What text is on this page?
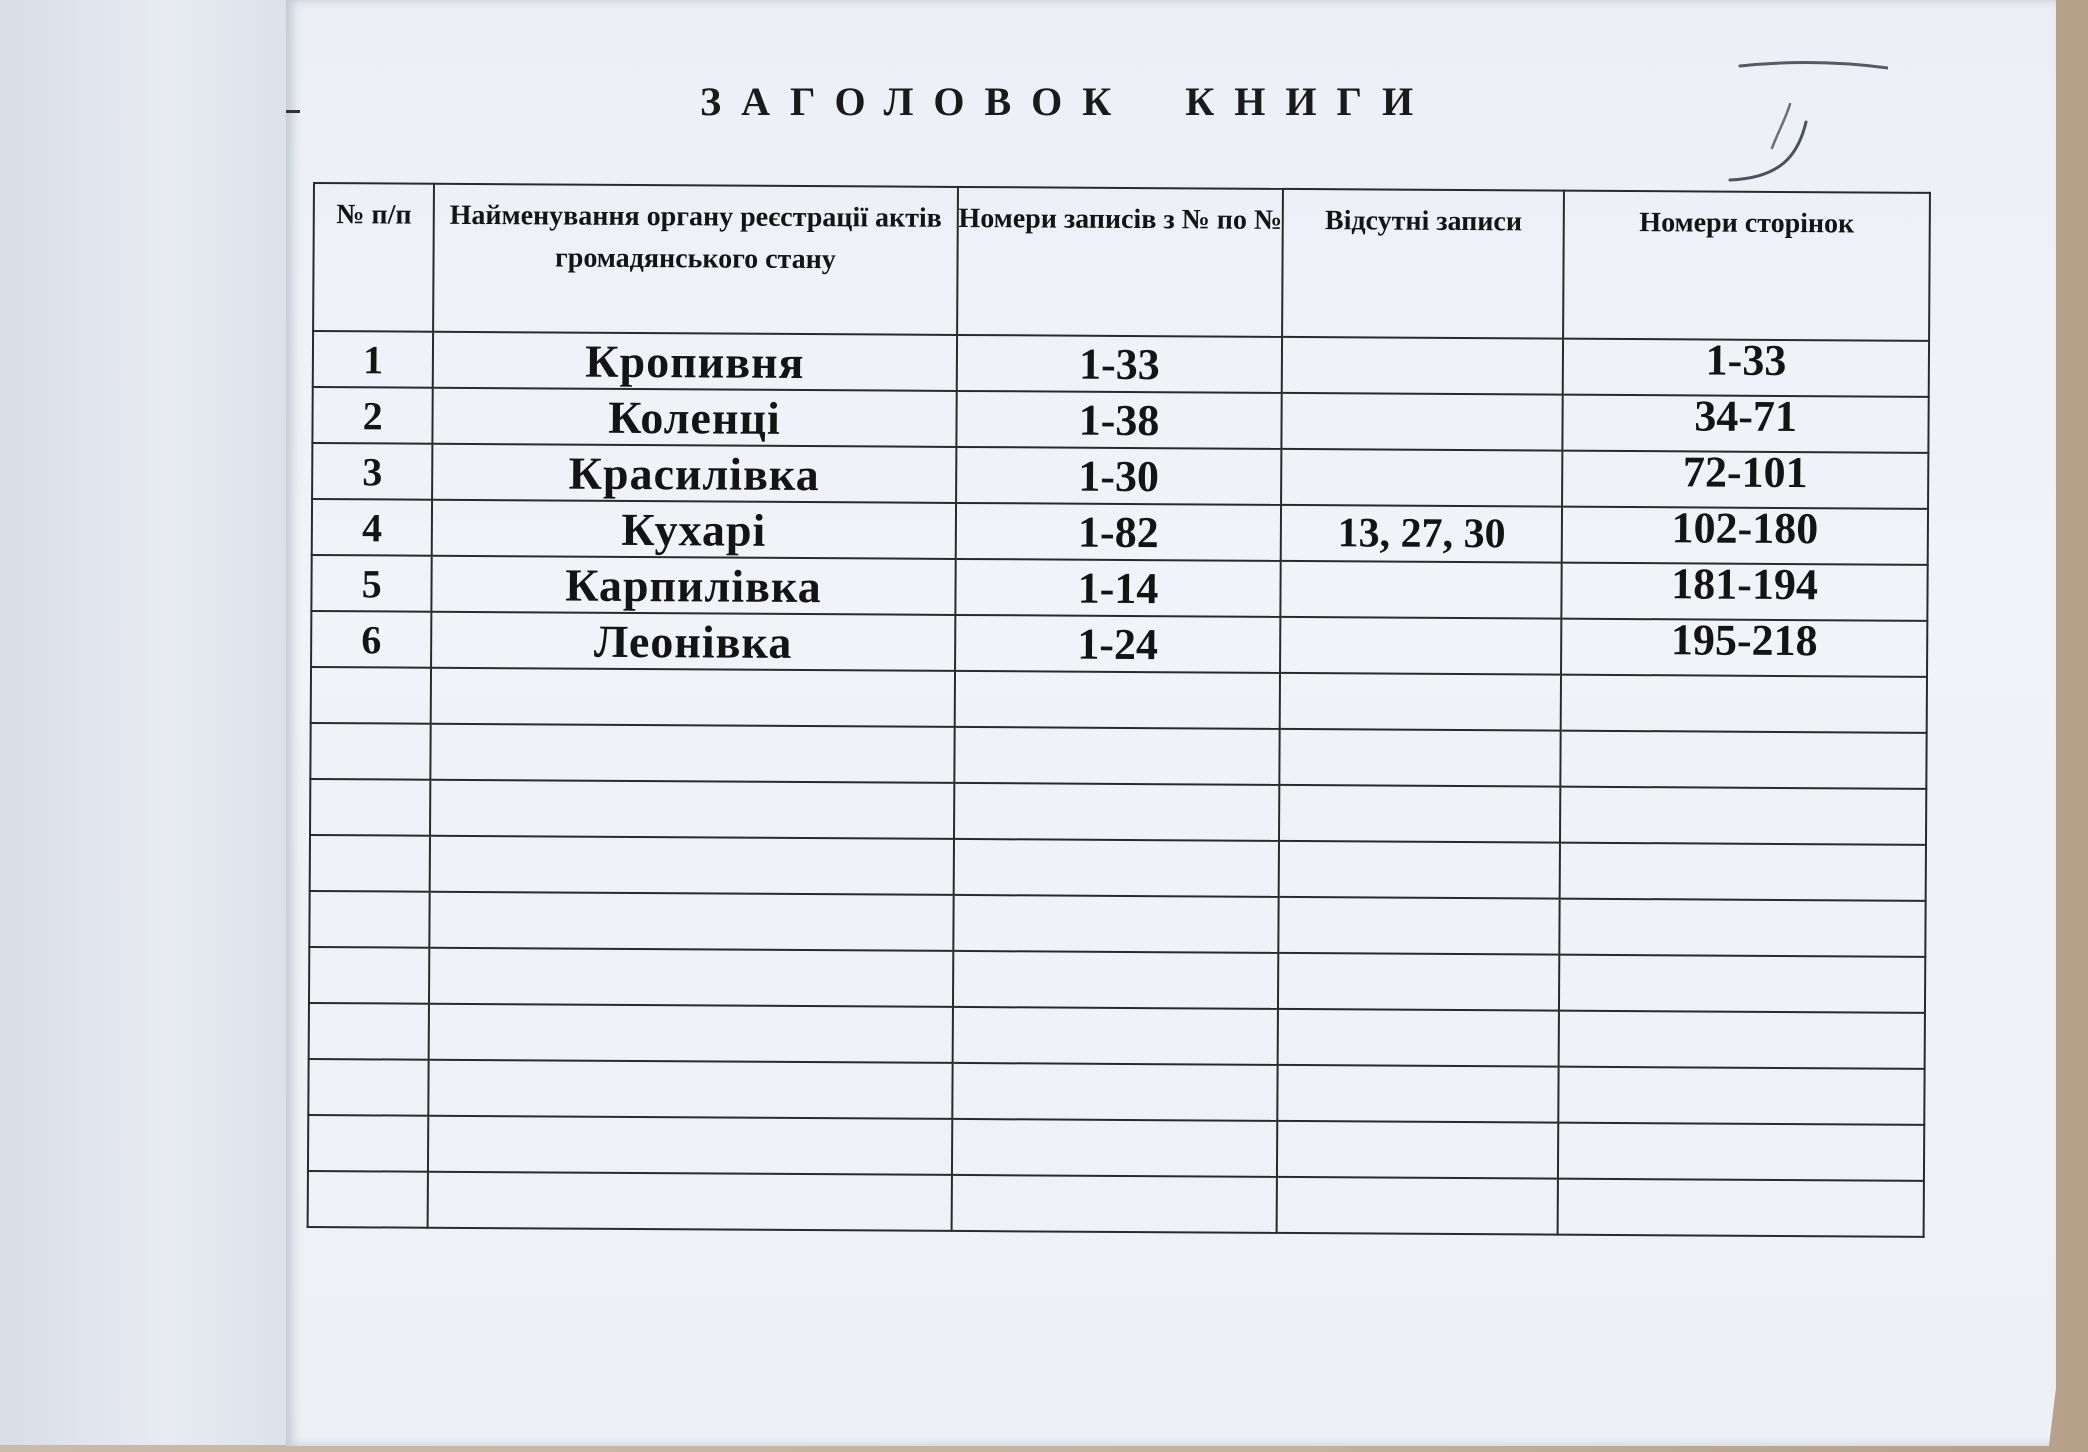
ЗАГОЛОВОК КНИГИ
№ п/п	Найменування органу реєстрації актів громадянського стану	Номери записів з № по №	Відсутні записи	Номери сторінок
1	Кропивня	1-33		1-33
2	Коленці	1-38		34-71
3	Красилівка	1-30		72-101
4	Кухарі	1-82	13, 27, 30	102-180
5	Карпилівка	1-14		181-194
6	Леонівка	1-24		195-218
